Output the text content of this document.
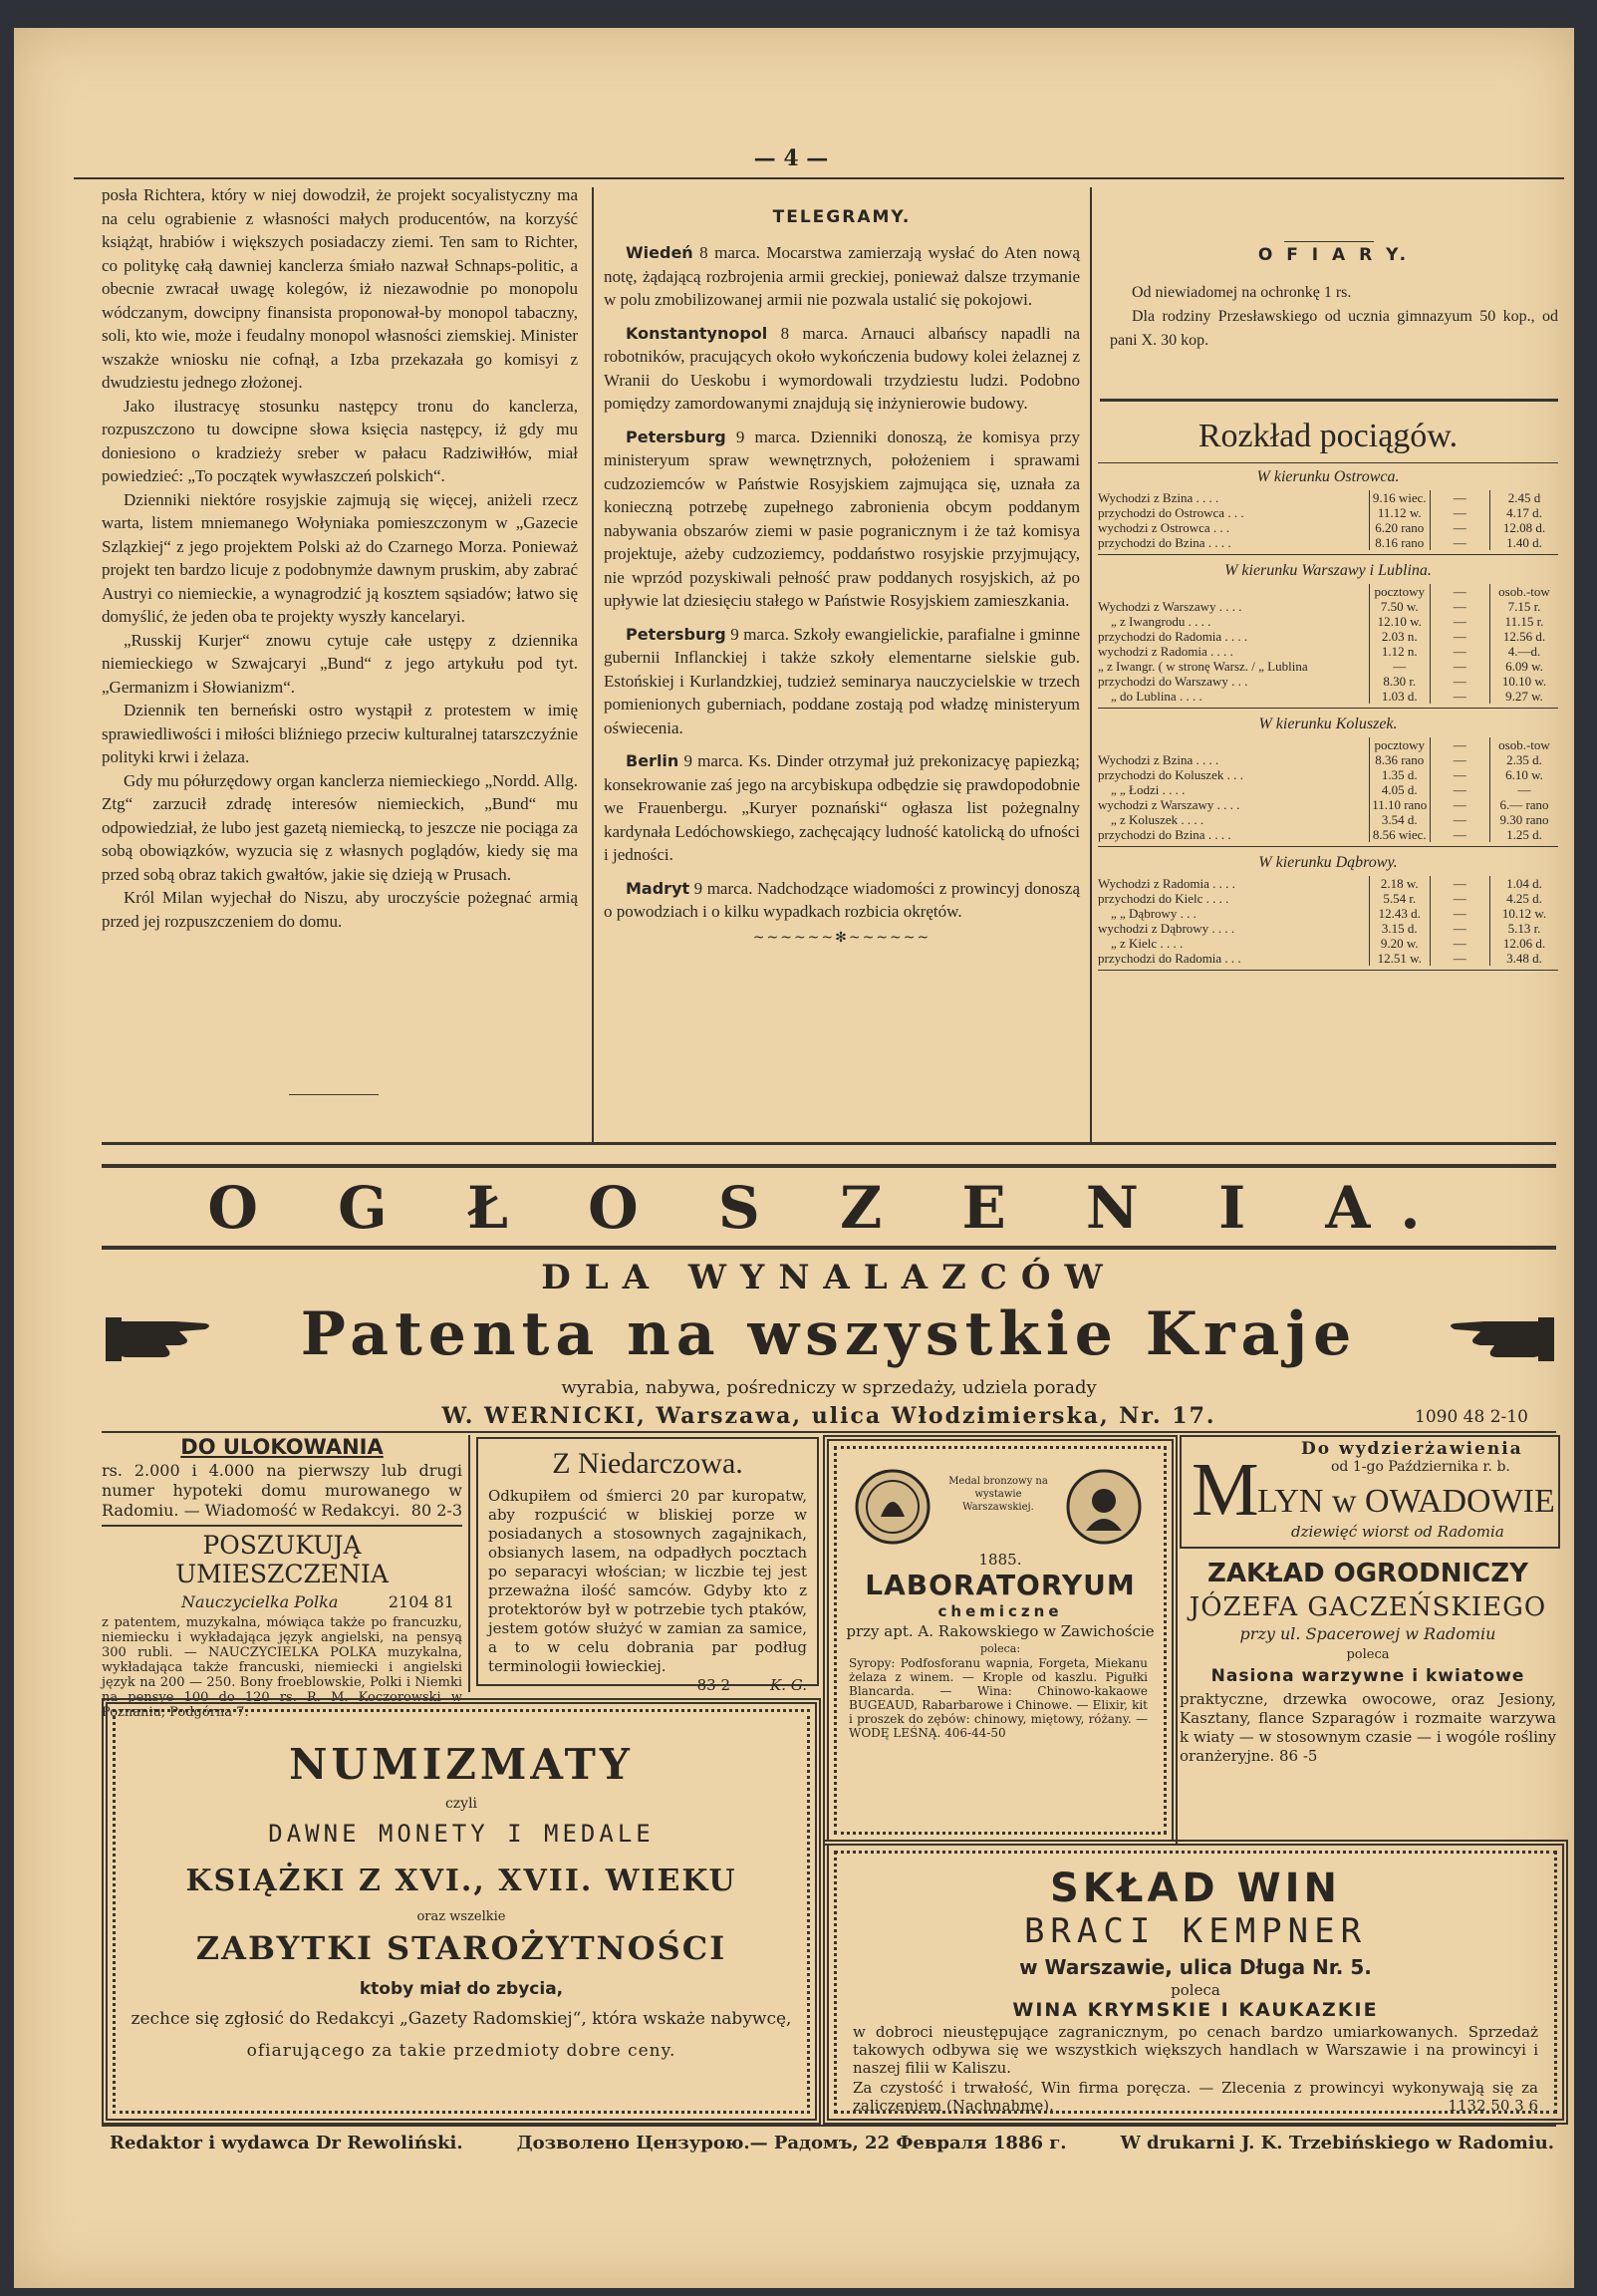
— 4 —

posła Richtera, który w niej dowodził, że projekt socyalistyczny ma na celu ograbienie z własności małych producentów, na korzyść książąt, hrabiów i większych posiadaczy ziemi. Ten sam to Richter, co politykę całą dawniej kanclerza śmiało nazwał Schnaps-politic, a obecnie zwracał uwagę kolegów, iż niezawodnie po monopolu wódczanym, dowcipny finansista proponował-by monopol tabaczny, soli, kto wie, może i feudalny monopol własności ziemskiej. Minister wszakże wniosku nie cofnął, a Izba przekazała go komisyi z dwudziestu jednego złożonej.

Jako ilustracyę stosunku następcy tronu do kanclerza, rozpuszczono tu dowcipne słowa księcia następcy, iż gdy mu doniesiono o kradzieży sreber w pałacu Radziwiłłów, miał powiedzieć: „To początek wywłaszczeń polskich“.

Dzienniki niektóre rosyjskie zajmują się więcej, aniżeli rzecz warta, listem mniemanego Wołyniaka pomieszczonym w „Gazecie Szlązkiej“ z jego projektem Polski aż do Czarnego Morza. Ponieważ projekt ten bardzo licuje z podobnymże dawnym pruskim, aby zabrać Austryi co niemieckie, a wynagrodzić ją kosztem sąsiadów; łatwo się domyślić, że jeden oba te projekty wyszły kancelaryi.

„Russkij Kurjer“ znowu cytuje całe ustępy z dziennika niemieckiego w Szwajcaryi „Bund“ z jego artykułu pod tyt. „Germanizm i Słowianizm“.

Dziennik ten berneński ostro wystąpił z protestem w imię sprawiedliwości i miłości bliźniego przeciw kulturalnej tatarszczyźnie polityki krwi i żelaza.

Gdy mu półurzędowy organ kanclerza niemieckiego „Nordd. Allg. Ztg“ zarzucił zdradę interesów niemieckich, „Bund“ mu odpowiedział, że lubo jest gazetą niemiecką, to jeszcze nie pociąga za sobą obowiązków, wyzucia się z własnych poglądów, kiedy się ma przed sobą obraz takich gwałtów, jakie się dzieją w Prusach.

Król Milan wyjechał do Niszu, aby uroczyście pożegnać armią przed jej rozpuszczeniem do domu.

TELEGRAMY.

Wiedeń 8 marca. Mocarstwa zamierzają wysłać do Aten nową notę, żądającą rozbrojenia armii greckiej, ponieważ dalsze trzymanie w polu zmobilizowanej armii nie pozwala ustalić się pokojowi.

Konstantynopol 8 marca. Arnauci albańscy napadli na robotników, pracujących około wykończenia budowy kolei żelaznej z Wranii do Ueskobu i wymordowali trzydziestu ludzi. Podobno pomiędzy zamordowanymi znajdują się inżynierowie budowy.

Petersburg 9 marca. Dzienniki donoszą, że komisya przy ministeryum spraw wewnętrznych, położeniem i sprawami cudzoziemców w Państwie Rosyjskiem zajmująca się, uznała za konieczną potrzebę zupełnego zabronienia obcym poddanym nabywania obszarów ziemi w pasie pogranicznym i że taż komisya projektuje, ażeby cudzoziemcy, poddaństwo rosyjskie przyjmujący, nie wprzód pozyskiwali pełność praw poddanych rosyjskich, aż po upływie lat dziesięciu stałego w Państwie Rosyjskiem zamieszkania.

Petersburg 9 marca. Szkoły ewangielickie, parafialne i gminne gubernii Inflanckiej i także szkoły elementarne sielskie gub. Estońskiej i Kurlandzkiej, tudzież seminarya nauczycielskie w trzech pomienionych guberniach, poddane zostają pod władzę ministeryum oświecenia.

Berlin 9 marca. Ks. Dinder otrzymał już prekonizacyę papiezką; konsekrowanie zaś jego na arcybiskupa odbędzie się prawdopodobnie we Frauenbergu. „Kuryer poznański“ ogłasza list pożegnalny kardynała Ledóchowskiego, zachęcający ludność katolicką do ufności i jedności.

Madryt 9 marca. Nadchodzące wiadomości z prowincyj donoszą o powodziach i o kilku wypadkach rozbicia okrętów.

~~~~~~✻~~~~~~
O F I A R Y.

Od niewiadomej na ochronkę 1 rs.

Dla rodziny Przesławskiego od ucznia gimnazyum 50 kop., od pani X. 30 kop.

Rozkład pociągów.
W kierunku Ostrowca.
Wychodzi z Bzina . . . .	9.16 wiec.	—	2.45 d
przychodzi do Ostrowca . . .	11.12 w.	—	4.17 d.
wychodzi z Ostrowca . . .	6.20 rano	—	12.08 d.
przychodzi do Bzina . . . .	8.16 rano	—	1.40 d.
W kierunku Warszawy i Lublina.
pocztowy	—	osob.-tow
Wychodzi z Warszawy . . . .	7.50 w.	—	7.15 r.
„ z Iwangrodu . . . .	12.10 w.	—	11.15 r.
przychodzi do Radomia . . . .	2.03 n.	—	12.56 d.
wychodzi z Radomia . . . .	1.12 n.	—	4.—d.
„ z Iwangr. ( w stronę Warsz. / „ Lublina	—	—	6.09 w.
przychodzi do Warszawy . . .	8.30 r.	—	10.10 w.
„ do Lublina . . . .	1.03 d.	—	9.27 w.
W kierunku Koluszek.
pocztowy	—	osob.-tow
Wychodzi z Bzina . . . .	8.36 rano	—	2.35 d.
przychodzi do Koluszek . . .	1.35 d.	—	6.10 w.
„ „ Łodzi . . . .	4.05 d.	—	—
wychodzi z Warszawy . . . .	11.10 rano	—	6.— rano
„ z Koluszek . . . .	3.54 d.	—	9.30 rano
przychodzi do Bzina . . . .	8.56 wiec.	—	1.25 d.
W kierunku Dąbrowy.
Wychodzi z Radomia . . . .	2.18 w.	—	1.04 d.
przychodzi do Kielc . . . .	5.54 r.	—	4.25 d.
„ „ Dąbrowy . . .	12.43 d.	—	10.12 w.
wychodzi z Dąbrowy . . . .	3.15 d.	—	5.13 r.
„ z Kielc . . . .	9.20 w.	—	12.06 d.
przychodzi do Radomia . . .	12.51 w.	—	3.48 d.
O G Ł O S Z E N I A.
DLA WYNALAZCÓW
Patenta na wszystkie Kraje
wyrabia, nabywa, pośredniczy w sprzedaży, udziela porady
W. WERNICKI, Warszawa, ulica Włodzimierska, Nr. 17.	1090 48 2-10
DO ULOKOWANIA
rs. 2.000 i 4.000 na pierwszy lub drugi numer hypoteki domu murowanego w Radomiu. — Wiadomość w Redakcyi. 80 2-3
POSZUKUJĄ UMIESZCZENIA
Nauczycielka Polka	2104 81
z patentem, muzykalna, mówiąca także po francuzku, niemiecku i wykładająca język angielski, na pensyą 300 rubli. — NAUCZYCIELKA POLKA muzykalna, wykładająca także francuski, niemiecki i angielski język na 200 — 250. Bony froeblowskie, Polki i Niemki na pensye 100 do 120 rs. R. M. Koczorowski w Poznaniu, Podgórna 7.
Z Niedarczowa.
Odkupiłem od śmierci 20 par kuropatw, aby rozpuścić w bliskiej porze w posiadanych a stosownych zagajnikach, obsianych lasem, na odpadłych pocztach po separacyi włościan; w liczbie tej jest przeważna ilość samców. Gdyby kto z protektorów był w potrzebie tych ptaków, jestem gotów służyć w zamian za samice, a to w celu dobrania par podług terminologii łowieckiej.
83 2	K. G.
Medal bronzowy na wystawie Warszawskiej.
1885.
LABORATORYUM
chemiczne
przy apt. A. Rakowskiego w Zawichoście
poleca:
Syropy: Podfosforanu wapnia, Forgeta, Miekanu żelaza z winem. — Krople od kaszlu. Pigułki Blancarda. — Wina: Chinowo-kakaowe BUGEAUD, Rabarbarowe i Chinowe. — Elixir, kit i proszek do zębów: chinowy, miętowy, różany. — WODĘ LEŚNĄ. 406-44-50
Do wydzierżawienia
od 1-go Października r. b.
M
LYN w OWADOWIE
dziewięć wiorst od Radomia
ZAKŁAD OGRODNICZY
JÓZEFA GACZEŃSKIEGO
przy ul. Spacerowej w Radomiu
poleca
Nasiona warzywne i kwiatowe
praktyczne, drzewka owocowe, oraz Jesiony, Kasztany, flance Szparagów i rozmaite warzywa k wiaty — w stosownym czasie — i wogóle rośliny oranżeryjne. 86 -5
NUMIZMATY
czyli
DAWNE MONETY I MEDALE
KSIĄŻKI Z XVI., XVII. WIEKU
oraz wszelkie
ZABYTKI STAROŻYTNOŚCI
ktoby miał do zbycia,
zechce się zgłosić do Redakcyi „Gazety Radomskiej“, która wskaże nabywcę,
ofiarującego za takie przedmioty dobre ceny.
SKŁAD WIN
BRACI KEMPNER
w Warszawie, ulica Długa Nr. 5.
poleca
WINA KRYMSKIE I KAUKAZKIE
w dobroci nieustępujące zagranicznym, po cenach bardzo umiarkowanych. Sprzedaż takowych odbywa się we wszystkich większych handlach w Warszawie i na prowincyi i naszej filii w Kaliszu.
Za czystość i trwałość, Win firma poręcza. — Zlecenia z prowincyi wykonywają się za zaliczeniem (Nachnahme).	1132 50 3 6
Redaktor i wydawca Dr Rewoliński.	Дозволено Цензурою.— Радомъ, 22 Февраля 1886 г.	W drukarni J. K. Trzebińskiego w Radomiu.
